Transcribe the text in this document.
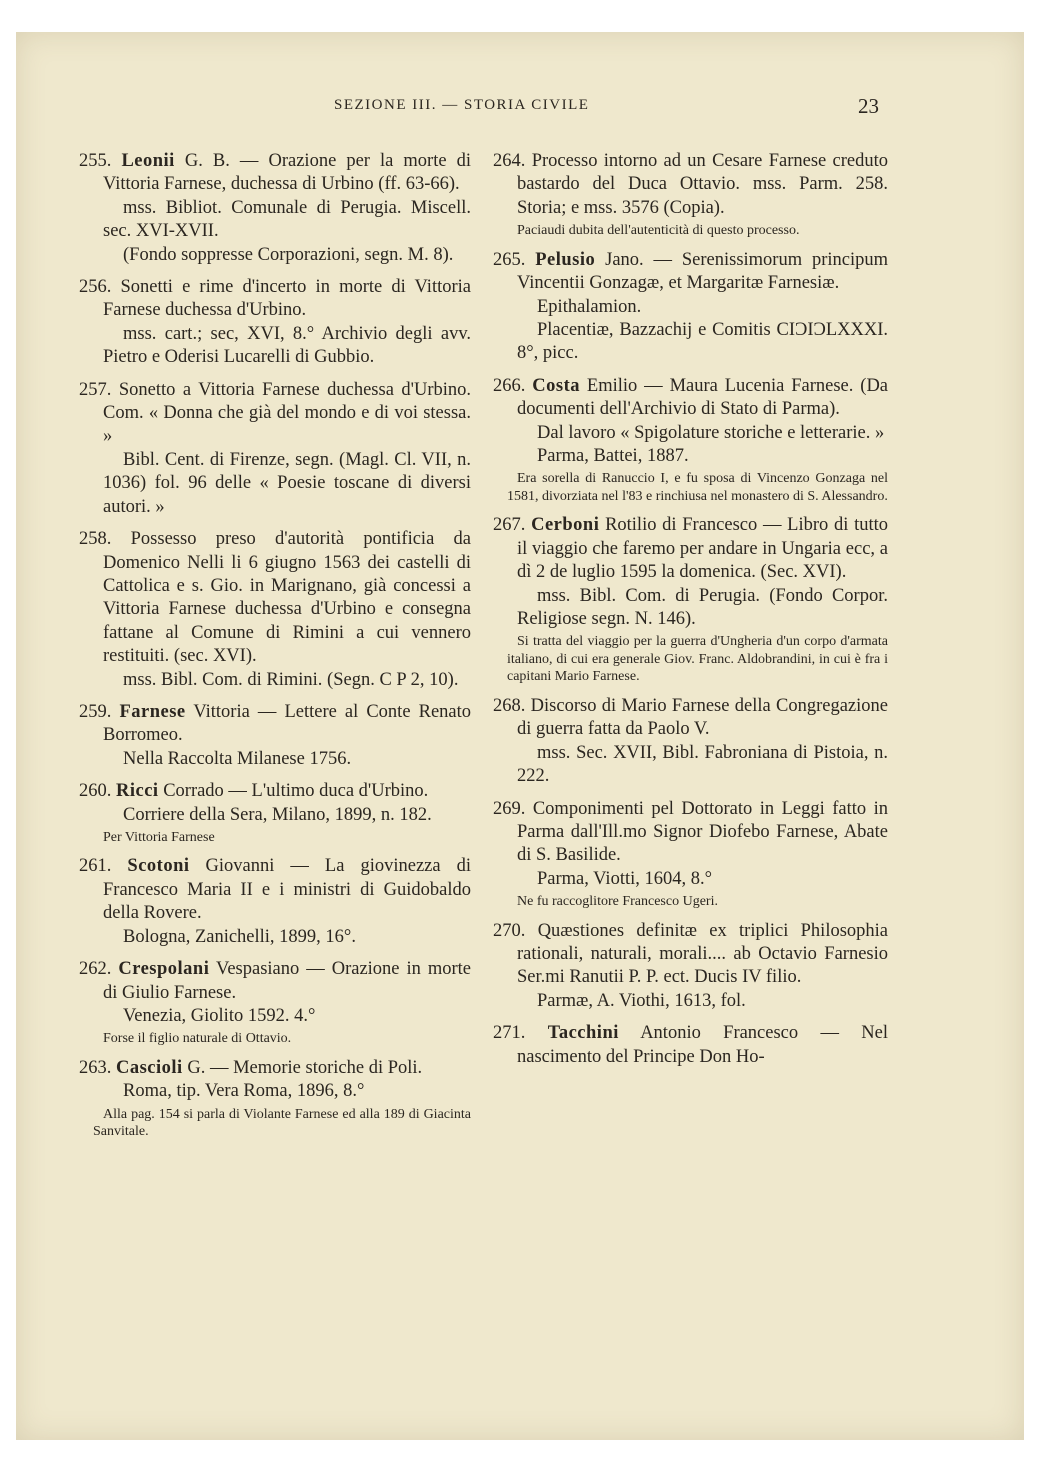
SEZIONE III. — STORIA CIVILE	23

255. Leonii G. B. — Orazione per la morte di Vittoria Farnese, duchessa di Urbino (ff. 63-66).

mss. Bibliot. Comunale di Perugia. Miscell. sec. XVI-XVII.

(Fondo soppresse Corporazioni, segn. M. 8).

256. Sonetti e rime d'incerto in morte di Vittoria Farnese duchessa d'Urbino.

mss. cart.; sec, XVI, 8.° Archivio degli avv. Pietro e Oderisi Lucarelli di Gubbio.

257. Sonetto a Vittoria Farnese duchessa d'Urbino. Com. « Donna che già del mondo e di voi stessa. »

Bibl. Cent. di Firenze, segn. (Magl. Cl. VII, n. 1036) fol. 96 delle « Poesie toscane di diversi autori. »

258. Possesso preso d'autorità pontificia da Domenico Nelli li 6 giugno 1563 dei castelli di Cattolica e s. Gio. in Marignano, già concessi a Vittoria Farnese duchessa d'Urbino e consegna fattane al Comune di Rimini a cui vennero restituiti. (sec. XVI).

mss. Bibl. Com. di Rimini. (Segn. C P 2, 10).

259. Farnese Vittoria — Lettere al Conte Renato Borromeo.

Nella Raccolta Milanese 1756.

260. Ricci Corrado — L'ultimo duca d'Urbino.

Corriere della Sera, Milano, 1899, n. 182.

Per Vittoria Farnese

261. Scotoni Giovanni — La giovinezza di Francesco Maria II e i ministri di Guidobaldo della Rovere.

Bologna, Zanichelli, 1899, 16°.

262. Crespolani Vespasiano — Orazione in morte di Giulio Farnese.

Venezia, Giolito 1592. 4.°

Forse il figlio naturale di Ottavio.

263. Cascioli G. — Memorie storiche di Poli.

Roma, tip. Vera Roma, 1896, 8.°

Alla pag. 154 si parla di Violante Farnese ed alla 189 di Giacinta Sanvitale.

264. Processo intorno ad un Cesare Farnese creduto bastardo del Duca Ottavio. mss. Parm. 258. Storia; e mss. 3576 (Copia).

Paciaudi dubita dell'autenticità di questo processo.

265. Pelusio Jano. — Serenissimorum principum Vincentii Gonzagæ, et Margaritæ Farnesiæ.

Epithalamion.

Placentiæ, Bazzachij e Comitis CIƆIƆLXXXI. 8°, picc.

266. Costa Emilio — Maura Lucenia Farnese. (Da documenti dell'Archivio di Stato di Parma).

Dal lavoro « Spigolature storiche e letterarie. »

Parma, Battei, 1887.

Era sorella di Ranuccio I, e fu sposa di Vincenzo Gonzaga nel 1581, divorziata nel l'83 e rinchiusa nel monastero di S. Alessandro.

267. Cerboni Rotilio di Francesco — Libro di tutto il viaggio che faremo per andare in Ungaria ecc, a dì 2 de luglio 1595 la domenica. (Sec. XVI).

mss. Bibl. Com. di Perugia. (Fondo Corpor. Religiose segn. N. 146).

Si tratta del viaggio per la guerra d'Ungheria d'un corpo d'armata italiano, di cui era generale Giov. Franc. Aldobrandini, in cui è fra i capitani Mario Farnese.

268. Discorso di Mario Farnese della Congregazione di guerra fatta da Paolo V.

mss. Sec. XVII, Bibl. Fabroniana di Pistoia, n. 222.

269. Componimenti pel Dottorato in Leggi fatto in Parma dall'Ill.mo Signor Diofebo Farnese, Abate di S. Basilide.

Parma, Viotti, 1604, 8.°

Ne fu raccoglitore Francesco Ugeri.

270. Quæstiones definitæ ex triplici Philosophia rationali, naturali, morali.... ab Octavio Farnesio Ser.mi Ranutii P. P. ect. Ducis IV filio.

Parmæ, A. Viothi, 1613, fol.

271. Tacchini Antonio Francesco — Nel nascimento del Principe Don Ho-
